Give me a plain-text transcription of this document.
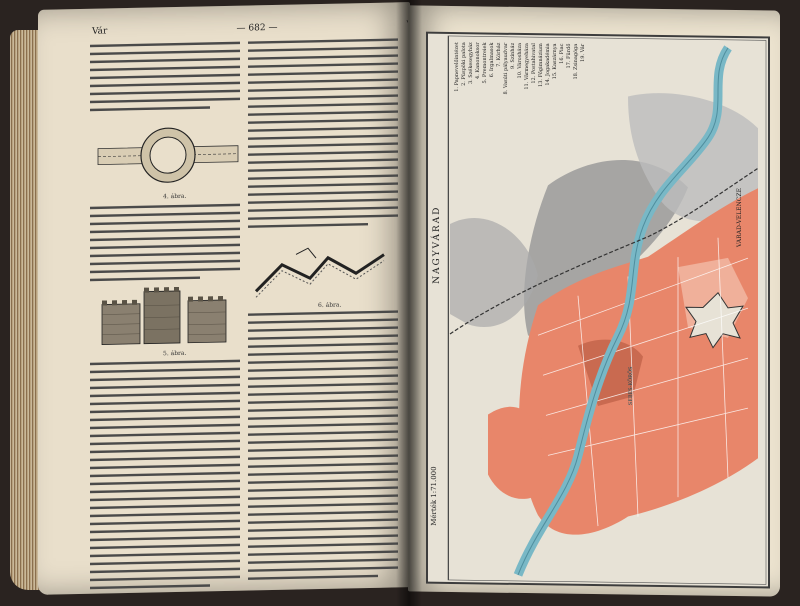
Vár	— 682 —
4. ábra.
5. ábra.
6. ábra.
NAGYVÁRAD
Mérték 1:71.000
1. Papnevelőintézet 2. Püspöki palota 3. Székesegyház 4. Kanonoksor 5. Premontreiek 6. Irgalmasok 7. Kórház 8. Vasúti pályaudvar 9. Színház 10. Városháza 11. Vármegyeháza 12. Postahivatal 13. Főgimnázium 14. Jogakadémia 15. Kaszárnya 16. Piac 17. Fürdő 18. Zsinagóga 19. Vár
VÁRAD-VELENCZE
SEBES-KÖRÖS
